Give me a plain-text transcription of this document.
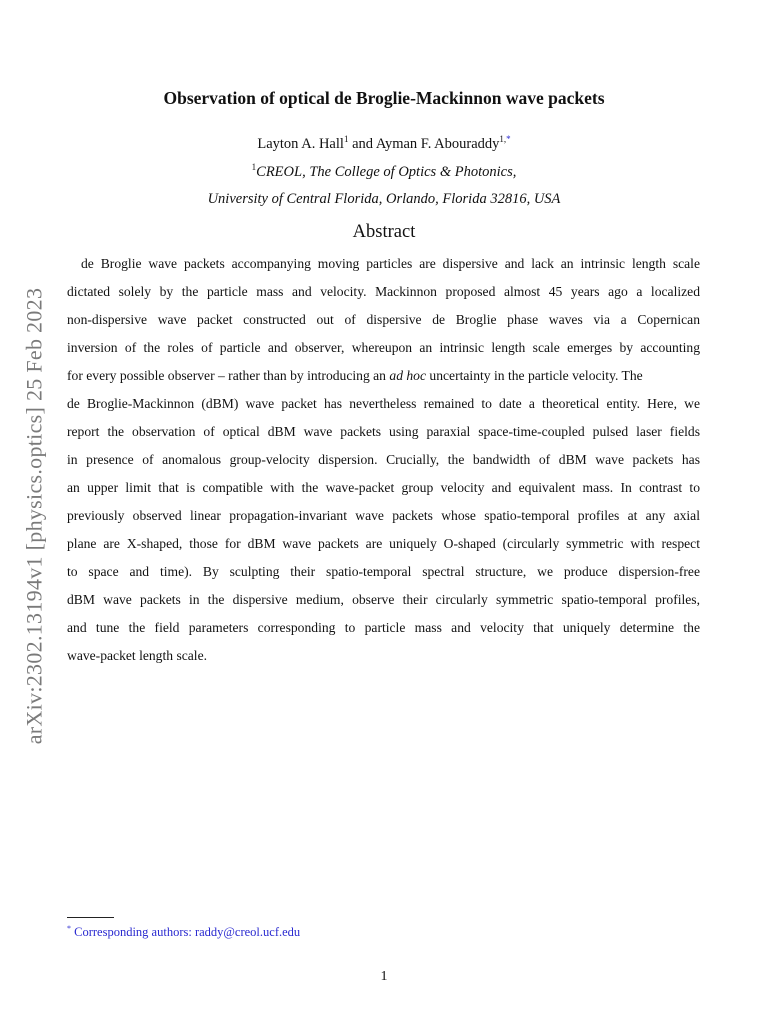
arXiv:2302.13194v1 [physics.optics] 25 Feb 2023
Observation of optical de Broglie-Mackinnon wave packets
Layton A. Hall$^1$ and Ayman F. Abouraddy$^{1,*}$
$^1$CREOL, The College of Optics & Photonics,
University of Central Florida, Orlando, Florida 32816, USA
Abstract
de Broglie wave packets accompanying moving particles are dispersive and lack an intrinsic length scale
dictated solely by the particle mass and velocity. Mackinnon proposed almost 45 years ago a localized
non-dispersive wave packet constructed out of dispersive de Broglie phase waves via a Copernican
inversion of the roles of particle and observer, whereupon an intrinsic length scale emerges by accounting
for every possible observer – rather than by introducing an ad hoc uncertainty in the particle velocity. The
de Broglie-Mackinnon (dBM) wave packet has nevertheless remained to date a theoretical entity. Here, we
report the observation of optical dBM wave packets using paraxial space-time-coupled pulsed laser fields
in presence of anomalous group-velocity dispersion. Crucially, the bandwidth of dBM wave packets has
an upper limit that is compatible with the wave-packet group velocity and equivalent mass. In contrast to
previously observed linear propagation-invariant wave packets whose spatio-temporal profiles at any axial
plane are X-shaped, those for dBM wave packets are uniquely O-shaped (circularly symmetric with respect
to space and time). By sculpting their spatio-temporal spectral structure, we produce dispersion-free
dBM wave packets in the dispersive medium, observe their circularly symmetric spatio-temporal profiles,
and tune the field parameters corresponding to particle mass and velocity that uniquely determine the
wave-packet length scale.
* Corresponding authors: raddy@creol.ucf.edu
1
